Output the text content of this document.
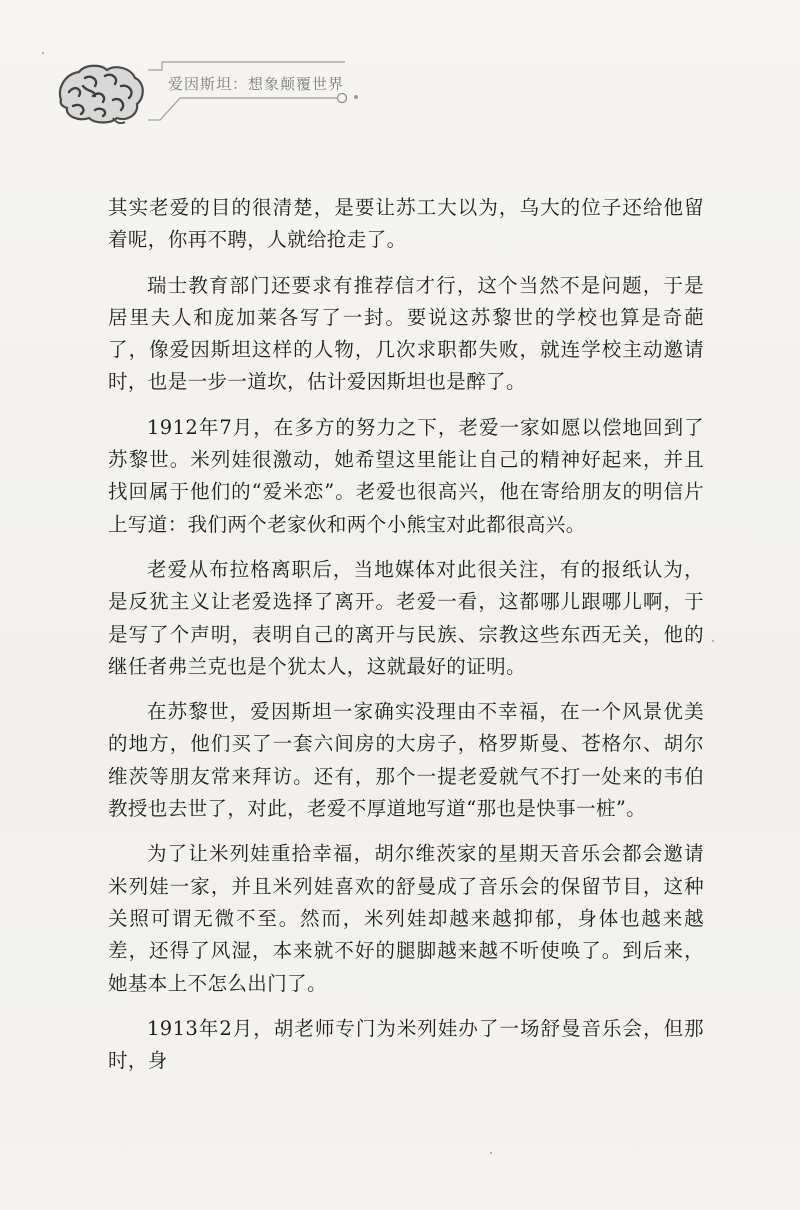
爱因斯坦：想象颠覆世界

其实老爱的目的很清楚，是要让苏工大以为，乌大的位子还给他留着呢，你再不聘，人就给抢走了。

瑞士教育部门还要求有推荐信才行，这个当然不是问题，于是居里夫人和庞加莱各写了一封。要说这苏黎世的学校也算是奇葩了，像爱因斯坦这样的人物，几次求职都失败，就连学校主动邀请时，也是一步一道坎，估计爱因斯坦也是醉了。

1912年7月，在多方的努力之下，老爱一家如愿以偿地回到了苏黎世。米列娃很激动，她希望这里能让自己的精神好起来，并且找回属于他们的“爱米恋”。老爱也很高兴，他在寄给朋友的明信片上写道：我们两个老家伙和两个小熊宝对此都很高兴。

老爱从布拉格离职后，当地媒体对此很关注，有的报纸认为，是反犹主义让老爱选择了离开。老爱一看，这都哪儿跟哪儿啊，于是写了个声明，表明自己的离开与民族、宗教这些东西无关，他的继任者弗兰克也是个犹太人，这就最好的证明。

在苏黎世，爱因斯坦一家确实没理由不幸福，在一个风景优美的地方，他们买了一套六间房的大房子，格罗斯曼、苍格尔、胡尔维茨等朋友常来拜访。还有，那个一提老爱就气不打一处来的韦伯教授也去世了，对此，老爱不厚道地写道“那也是快事一桩”。

为了让米列娃重拾幸福，胡尔维茨家的星期天音乐会都会邀请米列娃一家，并且米列娃喜欢的舒曼成了音乐会的保留节目，这种关照可谓无微不至。然而，米列娃却越来越抑郁，身体也越来越差，还得了风湿，本来就不好的腿脚越来越不听使唤了。到后来，她基本上不怎么出门了。

1913年2月，胡老师专门为米列娃办了一场舒曼音乐会，但那时，身
